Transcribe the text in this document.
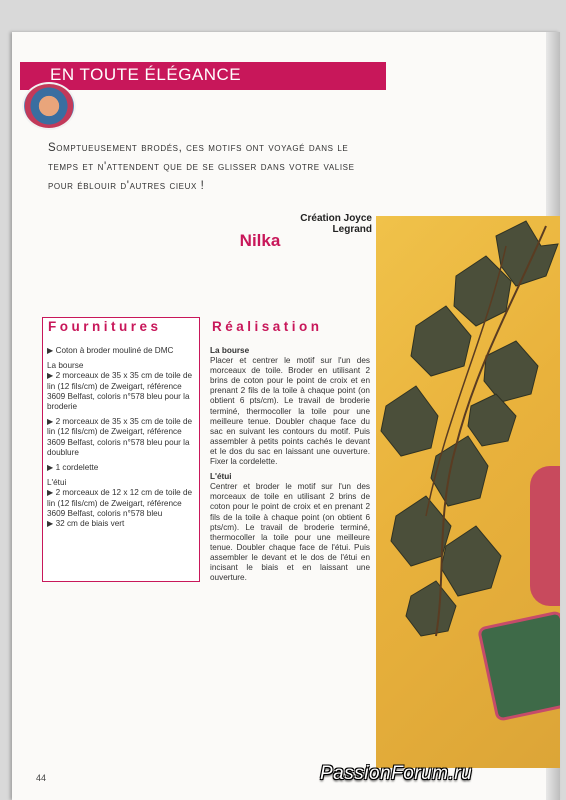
EN TOUTE ÉLÉGANCE
Somptueusement brodés, ces motifs ont voyagé dans le temps et n'attendent que de se glisser dans votre valise pour éblouir d'autres cieux !
Création Joyce Legrand
Nilka
Fournitures

▶ Coton à broder mouliné de DMC

La bourse

▶ 2 morceaux de 35 x 35 cm de toile de lin (12 fils/cm) de Zweigart, référence 3609 Belfast, coloris n°578 bleu pour la broderie

▶ 2 morceaux de 35 x 35 cm de toile de lin (12 fils/cm) de Zweigart, référence 3609 Belfast, coloris n°578 bleu pour la doublure

▶ 1 cordelette

L'étui

▶ 2 morceaux de 12 x 12 cm de toile de lin (12 fils/cm) de Zweigart, référence 3609 Belfast, coloris n°578 bleu

▶ 32 cm de biais vert

Réalisation

La bourse

Placer et centrer le motif sur l'un des morceaux de toile. Broder en utilisant 2 brins de coton pour le point de croix et en prenant 2 fils de la toile à chaque point (on obtient 6 pts/cm). Le travail de broderie terminé, thermocoller la toile pour une meilleure tenue. Doubler chaque face du sac en suivant les contours du motif. Puis assembler à petits points cachés le devant et le dos du sac en laissant une ouverture. Fixer la cordelette.

L'étui

Centrer et broder le motif sur l'un des morceaux de toile en utilisant 2 brins de coton pour le point de croix et en prenant 2 fils de la toile à chaque point (on obtient 6 pts/cm). Le travail de broderie terminé, thermocoller la toile pour une meilleure tenue. Doubler chaque face de l'étui. Puis assembler le devant et le dos de l'étui en incisant le biais et en laissant une ouverture.

44	PassionForum.ru
